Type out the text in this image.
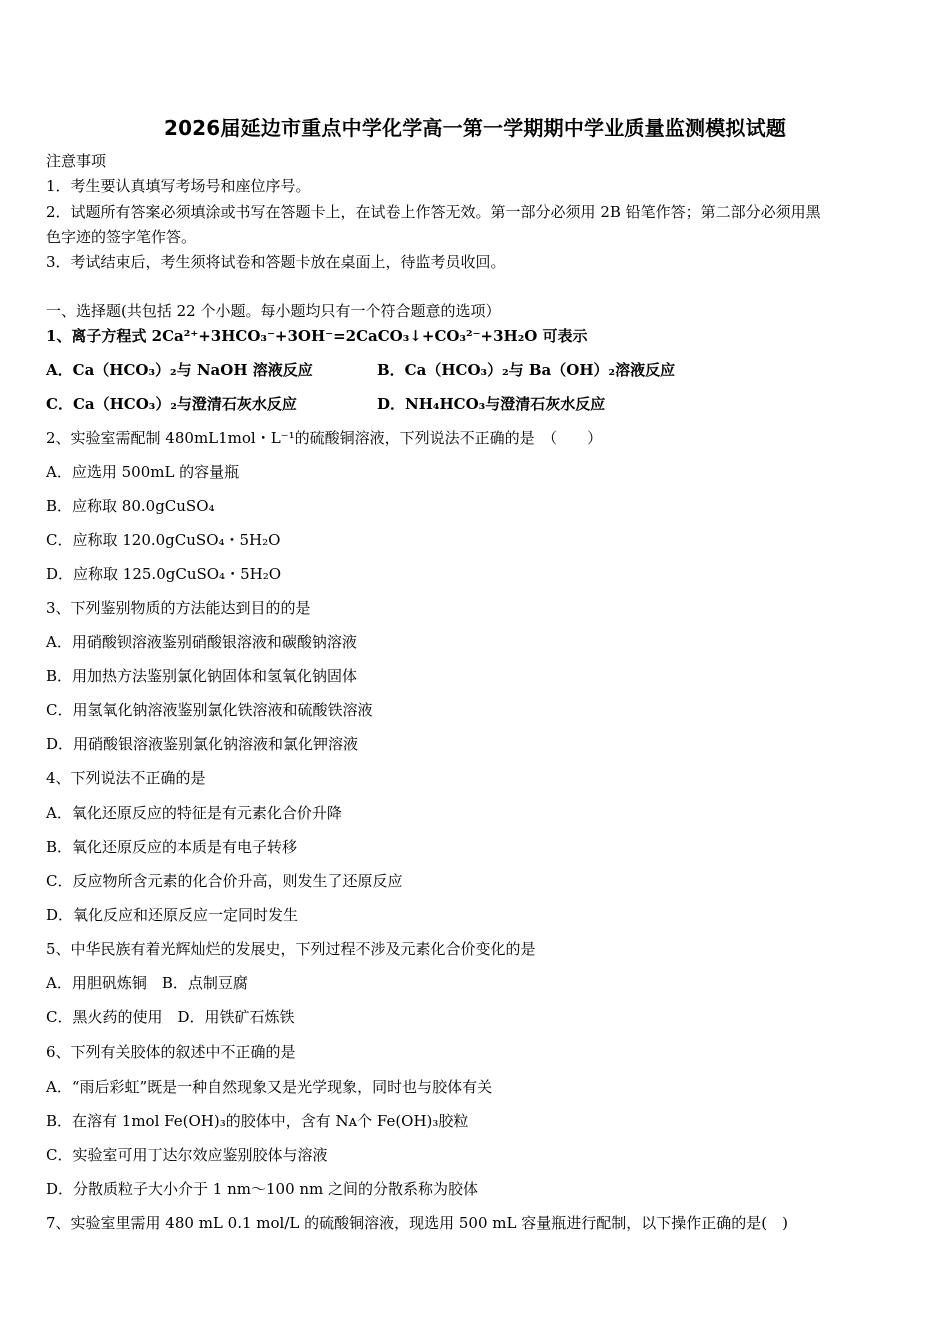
2026届延边市重点中学化学高一第一学期期中学业质量监测模拟试题
注意事项
1．考生要认真填写考场号和座位序号。
2．试题所有答案必须填涂或书写在答题卡上，在试卷上作答无效。第一部分必须用 2B 铅笔作答；第二部分必须用黑
色字迹的签字笔作答。
3．考试结束后，考生须将试卷和答题卡放在桌面上，待监考员收回。
一、选择题(共包括 22 个小题。每小题均只有一个符合题意的选项）
1、离子方程式 2Ca²⁺+3HCO₃⁻+3OH⁻=2CaCO₃↓+CO₃²⁻+3H₂O 可表示
A．Ca（HCO₃）₂与 NaOH 溶液反应	B．Ca（HCO₃）₂与 Ba（OH）₂溶液反应
C．Ca（HCO₃）₂与澄清石灰水反应	D．NH₄HCO₃与澄清石灰水反应
2、实验室需配制 480mL1mol・L⁻¹的硫酸铜溶液，下列说法不正确的是　（　　）
A．应选用 500mL 的容量瓶
B．应称取 80.0gCuSO₄
C．应称取 120.0gCuSO₄・5H₂O
D．应称取 125.0gCuSO₄・5H₂O
3、下列鉴别物质的方法能达到目的的是
A．用硝酸钡溶液鉴别硝酸银溶液和碳酸钠溶液
B．用加热方法鉴别氯化钠固体和氢氧化钠固体
C．用氢氧化钠溶液鉴别氯化铁溶液和硫酸铁溶液
D．用硝酸银溶液鉴别氯化钠溶液和氯化钾溶液
4、下列说法不正确的是
A．氧化还原反应的特征是有元素化合价升降
B．氧化还原反应的本质是有电子转移
C．反应物所含元素的化合价升高，则发生了还原反应
D．氧化反应和还原反应一定同时发生
5、中华民族有着光辉灿烂的发展史，下列过程不涉及元素化合价变化的是
A．用胆矾炼铜　B．点制豆腐
C．黑火药的使用　D．用铁矿石炼铁
6、下列有关胶体的叙述中不正确的是
A．“雨后彩虹”既是一种自然现象又是光学现象，同时也与胶体有关
B．在溶有 1mol Fe(OH)₃的胶体中，含有 Nᴀ个 Fe(OH)₃胶粒
C．实验室可用丁达尔效应鉴别胶体与溶液
D．分散质粒子大小介于 1 nm～100 nm 之间的分散系称为胶体
7、实验室里需用 480 mL 0.1 mol/L 的硫酸铜溶液，现选用 500 mL 容量瓶进行配制，以下操作正确的是(　)
